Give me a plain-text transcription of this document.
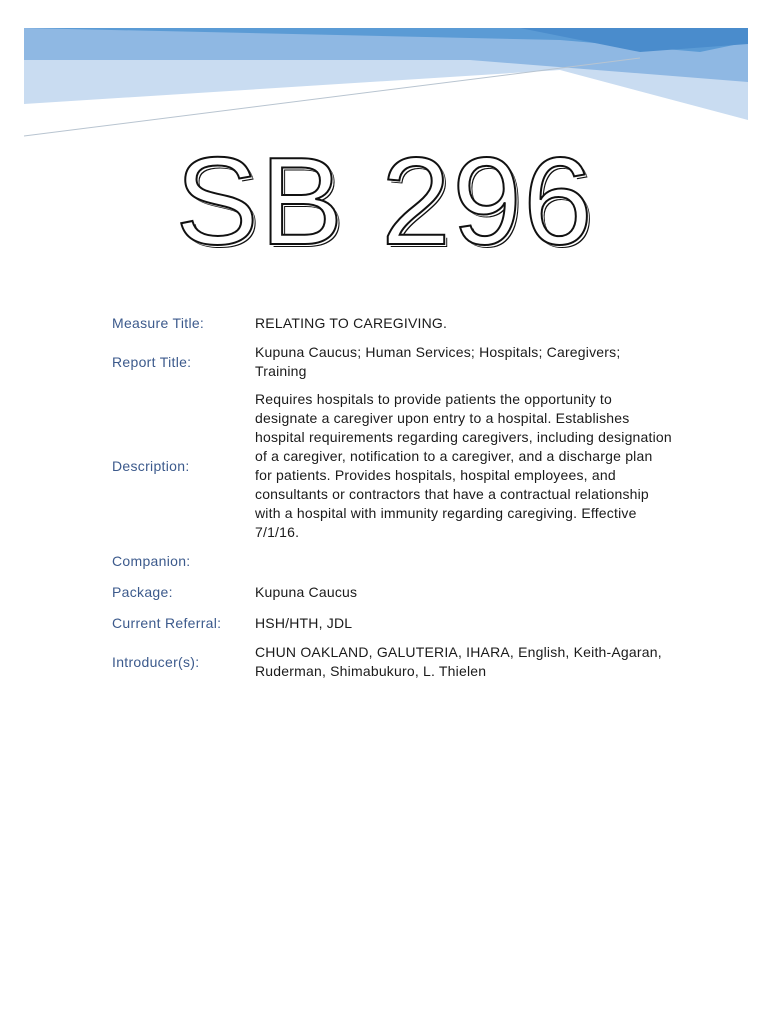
SB 296
Measure Title:	RELATING TO CAREGIVING.
Report Title:	Kupuna Caucus; Human Services; Hospitals; Caregivers; Training
Description:	Requires hospitals to provide patients the opportunity to designate a caregiver upon entry to a hospital. Establishes hospital requirements regarding caregivers, including designation of a caregiver, notification to a caregiver, and a discharge plan for patients. Provides hospitals, hospital employees, and consultants or contractors that have a contractual relationship with a hospital with immunity regarding caregiving. Effective 7/1/16.
Companion:	
Package:	Kupuna Caucus
Current Referral:	HSH/HTH, JDL
Introducer(s):	CHUN OAKLAND, GALUTERIA, IHARA, English, Keith-Agaran, Ruderman, Shimabukuro, L. Thielen
